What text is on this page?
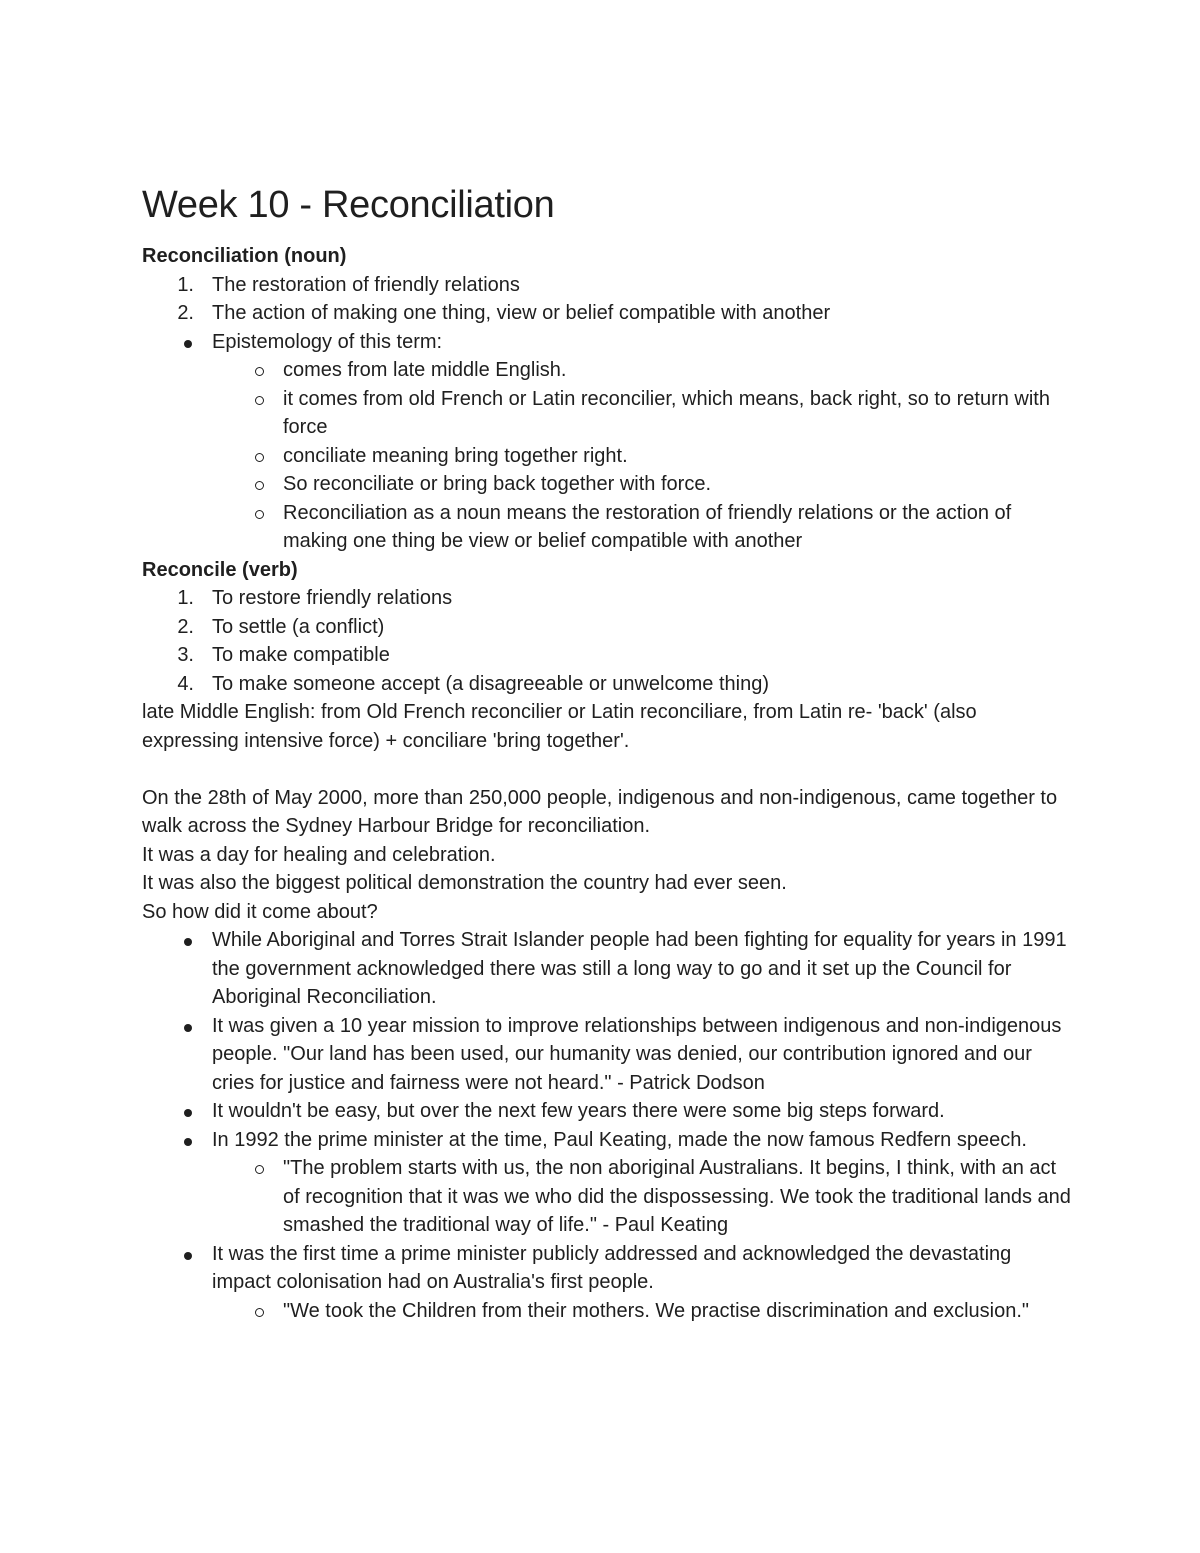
Week 10 - Reconciliation

Reconciliation (noun)

1. The restoration of friendly relations
2. The action of making one thing, view or belief compatible with another
Epistemology of this term:
comes from late middle English.
it comes from old French or Latin reconcilier, which means, back right, so to return with force
conciliate meaning bring together right.
So reconciliate or bring back together with force.
Reconciliation as a noun means the restoration of friendly relations or the action of making one thing be view or belief compatible with another

Reconcile (verb)

1. To restore friendly relations
2. To settle (a conflict)
3. To make compatible
4. To make someone accept (a disagreeable or unwelcome thing)

late Middle English: from Old French reconcilier or Latin reconciliare, from Latin re- 'back' (also expressing intensive force) + conciliare 'bring together'.

On the 28th of May 2000, more than 250,000 people, indigenous and non-indigenous, came together to walk across the Sydney Harbour Bridge for reconciliation.

It was a day for healing and celebration.

It was also the biggest political demonstration the country had ever seen.

So how did it come about?

While Aboriginal and Torres Strait Islander people had been fighting for equality for years in 1991 the government acknowledged there was still a long way to go and it set up the Council for Aboriginal Reconciliation.
It was given a 10 year mission to improve relationships between indigenous and non-indigenous people. "Our land has been used, our humanity was denied, our contribution ignored and our cries for justice and fairness were not heard." - Patrick Dodson
It wouldn't be easy, but over the next few years there were some big steps forward.
In 1992 the prime minister at the time, Paul Keating, made the now famous Redfern speech.
"The problem starts with us, the non aboriginal Australians. It begins, I think, with an act of recognition that it was we who did the dispossessing. We took the traditional lands and smashed the traditional way of life." - Paul Keating
It was the first time a prime minister publicly addressed and acknowledged the devastating impact colonisation had on Australia's first people.
"We took the Children from their mothers. We practise discrimination and exclusion."
